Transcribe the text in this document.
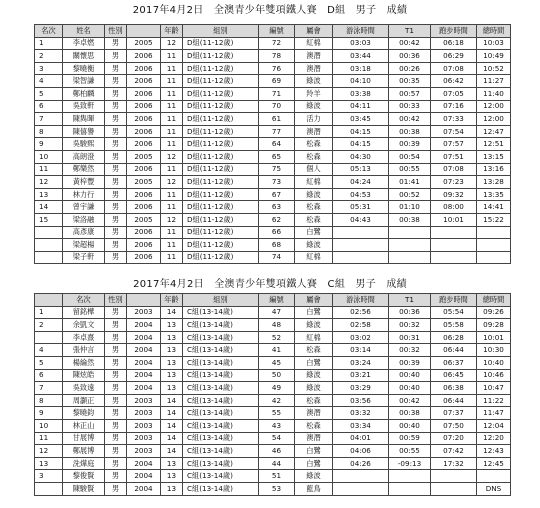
2017年4月2日　全澳青少年雙項鐵人賽　D組　男子　成績
名次	姓名	性別		年齡	組別	編號	屬會	游泳時間	T1	跑步時間	總時間
1	李卓燃	男	2005	12	D組(11-12歲)	72	紅棉	03:03	00:42	06:18	10:03
2	關懷思	男	2006	11	D組(11-12歲)	78	澳潛	03:44	00:36	06:29	10:49
3	黎曉衡	男	2006	11	D組(11-12歲)	76	澳潛	03:18	00:26	07:08	10:52
4	梁智謙	男	2006	11	D組(11-12歲)	69	綠波	04:10	00:35	06:42	11:27
5	鄭柏麟	男	2006	11	D組(11-12歲)	71	羚羊	03:38	00:57	07:05	11:40
6	吳致軒	男	2006	11	D組(11-12歲)	70	綠波	04:11	00:33	07:16	12:00
7	陳雋暉	男	2006	11	D組(11-12歲)	61	活力	03:45	00:42	07:33	12:00
8	陳僖譽	男	2006	11	D組(11-12歲)	77	澳潛	04:15	00:38	07:54	12:47
9	吳駿熙	男	2006	11	D組(11-12歲)	64	松森	04:15	00:39	07:57	12:51
10	高朗澄	男	2005	12	D組(11-12歲)	65	松森	04:30	00:54	07:51	13:15
11	鄭樂然	男	2006	11	D組(11-12歲)	75	個人	05:13	00:55	07:08	13:16
12	黃梓豐	男	2005	12	D組(11-12歲)	73	紅棉	04:24	01:41	07:23	13:28
13	林力行	男	2006	11	D組(11-12歲)	67	綠波	04:53	00:52	09:32	13:35
14	曾宇謙	男	2006	11	D組(11-12歲)	63	松森	05:31	01:10	08:00	14:41
15	梁洛融	男	2005	12	D組(11-12歲)	62	松森	04:43	00:38	10:01	15:22
	高彥康	男	2006	11	D組(11-12歲)	66	白鷺				
	梁超楊	男	2006	11	D組(11-12歲)	68	綠波				
	梁子軒	男	2006	11	D組(11-12歲)	74	紅棉				
2017年4月2日　全澳青少年雙項鐵人賽　C組　男子　成績
	名次	性別		年齡	組別	編號	屬會	游泳時間	T1	跑步時間	總時間
1	留銘樺	男	2003	14	C組(13-14歲)	47	白鷺	02:56	00:36	05:54	09:26
2	余凱文	男	2004	13	C組(13-14歲)	48	綠波	02:58	00:32	05:58	09:28
	李卓熹	男	2004	13	C組(13-14歲)	52	紅棉	03:02	00:31	06:28	10:01
4	張仲言	男	2004	13	C組(13-14歲)	41	松森	03:14	00:32	06:44	10:30
5	楊綸然	男	2004	13	C組(13-14歲)	45	白鷺	03:24	00:39	06:37	10:40
6	陳炫皓	男	2004	13	C組(13-14歲)	50	綠波	03:21	00:40	06:45	10:46
7	吳致遠	男	2004	13	C組(13-14歲)	49	綠波	03:29	00:40	06:38	10:47
8	周灝正	男	2003	14	C組(13-14歲)	42	松森	03:56	00:42	06:44	11:22
9	黎曉鈞	男	2003	14	C組(13-14歲)	55	澳潛	03:32	00:38	07:37	11:47
10	林正山	男	2003	14	C組(13-14歲)	43	松森	03:34	00:40	07:50	12:04
11	甘展博	男	2003	14	C組(13-14歲)	54	澳潛	04:01	00:59	07:20	12:20
12	鄭展博	男	2003	14	C組(13-14歲)	46	白鷺	04:06	00:55	07:42	12:43
13	洗燁庭	男	2004	13	C組(13-14歲)	44	白鷺	04:26	-09:13	17:32	12:45
3	黎俊賢	男	2004	13	C組(13-14歲)	51	綠波				
	陳駿賢	男	2004	13	C組(13-14歲)	53	藍鳥				DNS
